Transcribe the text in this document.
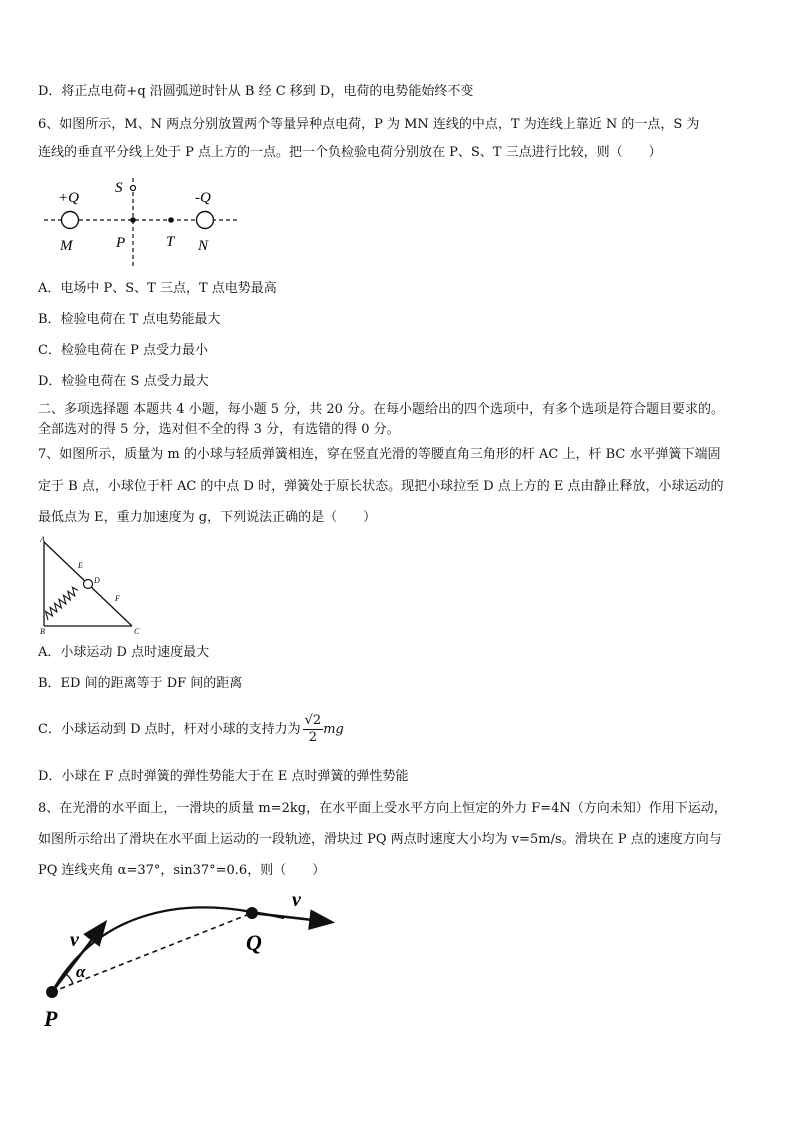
D．将正点电荷+q 沿圆弧逆时针从 B 经 C 移到 D，电荷的电势能始终不变
6、如图所示，M、N 两点分别放置两个等量异种点电荷，P 为 MN 连线的中点，T 为连线上靠近 N 的一点，S 为
连线的垂直平分线上处于 P 点上方的一点。把一个负检验电荷分别放在 P、S、T 三点进行比较，则（　　）
+Q	-Q
S
M	P	T N
A．电场中 P、S、T 三点，T 点电势最高
B．检验电荷在 T 点电势能最大
C．检验电荷在 P 点受力最小
D．检验电荷在 S 点受力最大
二、多项选择题 本题共 4 小题，每小题 5 分，共 20 分。在每小题给出的四个选项中，有多个选项是符合题目要求的。
全部选对的得 5 分，选对但不全的得 3 分，有选错的得 0 分。
7、如图所示，质量为 m 的小球与轻质弹簧相连，穿在竖直光滑的等腰直角三角形的杆 AC 上，杆 BC 水平弹簧下端固
定于 B 点，小球位于杆 AC 的中点 D 时，弹簧处于原长状态。现把小球拉至 D 点上方的 E 点由静止释放，小球运动的
最低点为 E，重力加速度为 g，下列说法正确的是（　　）
A
B	C
D
E
F
A．小球运动 D 点时速度最大
B．ED 间的距离等于 DF 间的距离
C．小球运动到 D 点时，杆对小球的支持力为 $\frac{√2}{2}$ mg
D．小球在 F 点时弹簧的弹性势能大于在 E 点时弹簧的弹性势能
8、在光滑的水平面上，一滑块的质量 m=2kg，在水平面上受水平方向上恒定的外力 F=4N（方向未知）作用下运动，
如图所示给出了滑块在水平面上运动的一段轨迹，滑块过 PQ 两点时速度大小均为 v=5m/s。滑块在 P 点的速度方向与
PQ 连线夹角 α=37°，sin37°=0.6，则（　　）
P
Q
v
v
α
